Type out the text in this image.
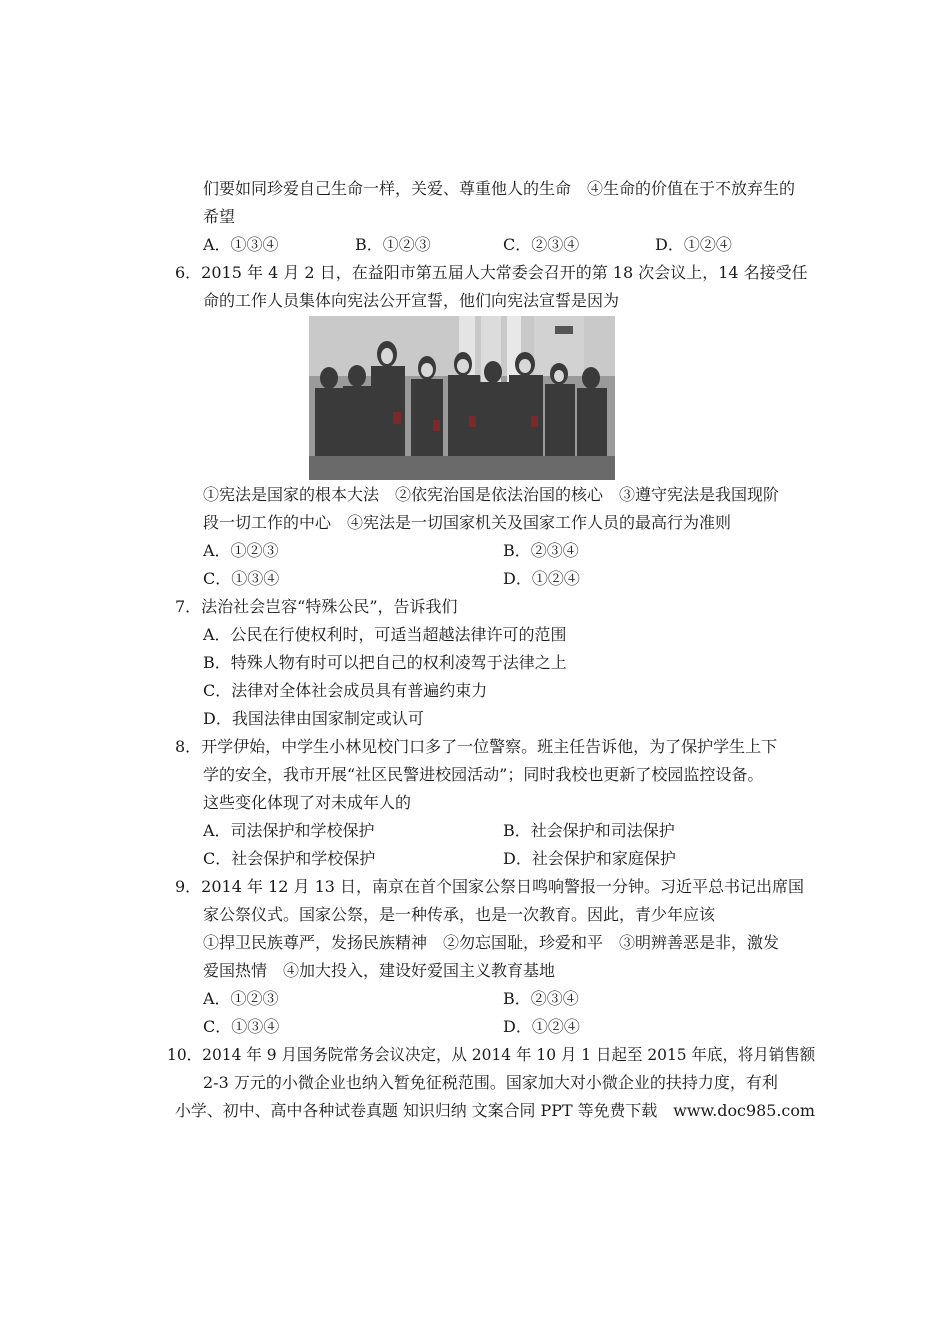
们要如同珍爱自己生命一样，关爱、尊重他人的生命　④生命的价值在于不放弃生的
希望
A．①③④	B．①②③	C．②③④	D．①②④
6．2015 年 4 月 2 日，在益阳市第五届人大常委会召开的第 18 次会议上，14 名接受任
命的工作人员集体向宪法公开宣誓，他们向宪法宣誓是因为
①宪法是国家的根本大法　②依宪治国是依法治国的核心　③遵守宪法是我国现阶
段一切工作的中心　④宪法是一切国家机关及国家工作人员的最高行为准则
A．①②③	B．②③④
C．①③④	D．①②④
7．法治社会岂容“特殊公民”，告诉我们
A．公民在行使权利时，可适当超越法律许可的范围
B．特殊人物有时可以把自己的权利凌驾于法律之上
C．法律对全体社会成员具有普遍约束力
D．我国法律由国家制定或认可
8．开学伊始，中学生小林见校门口多了一位警察。班主任告诉他，为了保护学生上下
学的安全，我市开展“社区民警进校园活动”；同时我校也更新了校园监控设备。
这些变化体现了对未成年人的
A．司法保护和学校保护	B．社会保护和司法保护
C．社会保护和学校保护	D．社会保护和家庭保护
9．2014 年 12 月 13 日，南京在首个国家公祭日鸣响警报一分钟。习近平总书记出席国
家公祭仪式。国家公祭，是一种传承，也是一次教育。因此，青少年应该
①捍卫民族尊严，发扬民族精神　②勿忘国耻，珍爱和平　③明辨善恶是非，激发
爱国热情　④加大投入，建设好爱国主义教育基地
A．①②③	B．②③④
C．①③④	D．①②④
10．2014 年 9 月国务院常务会议决定，从 2014 年 10 月 1 日起至 2015 年底，将月销售额
2-3 万元的小微企业也纳入暂免征税范围。国家加大对小微企业的扶持力度，有利
小学、初中、高中各种试卷真题 知识归纳 文案合同 PPT 等免费下载　www.doc985.com
